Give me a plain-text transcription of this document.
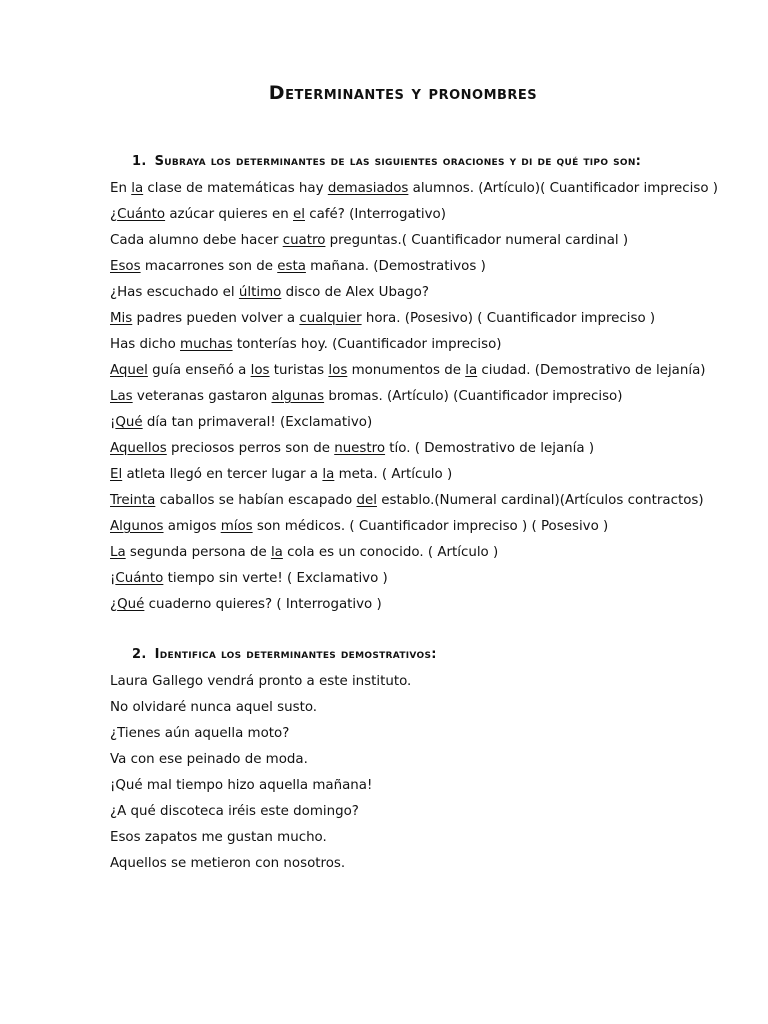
Determinantes y pronombres
1. Subraya los determinantes de las siguientes oraciones y di de qué tipo son:
En la clase de matemáticas hay demasiados alumnos. (Artículo)( Cuantificador impreciso )
¿Cuánto azúcar quieres en el café? (Interrogativo)
Cada alumno debe hacer cuatro preguntas.( Cuantificador numeral cardinal )
Esos macarrones son de esta mañana. (Demostrativos )
¿Has escuchado el último disco de Alex Ubago?
Mis padres pueden volver a cualquier hora. (Posesivo) ( Cuantificador impreciso )
Has dicho muchas tonterías hoy. (Cuantificador impreciso)
Aquel guía enseñó a los turistas los monumentos de la ciudad. (Demostrativo de lejanía)
Las veteranas gastaron algunas bromas. (Artículo) (Cuantificador impreciso)
¡Qué día tan primaveral! (Exclamativo)
Aquellos preciosos perros son de nuestro tío. ( Demostrativo de lejanía )
El atleta llegó en tercer lugar a la meta. ( Artículo )
Treinta caballos se habían escapado del establo.(Numeral cardinal)(Artículos contractos)
Algunos amigos míos son médicos. ( Cuantificador impreciso ) ( Posesivo )
La segunda persona de la cola es un conocido. ( Artículo )
¡Cuánto tiempo sin verte! ( Exclamativo )
¿Qué cuaderno quieres? ( Interrogativo )
2. Identifica los determinantes demostrativos:
Laura Gallego vendrá pronto a este instituto.
No olvidaré nunca aquel susto.
¿Tienes aún aquella moto?
Va con ese peinado de moda.
¡Qué mal tiempo hizo aquella mañana!
¿A qué discoteca iréis este domingo?
Esos zapatos me gustan mucho.
Aquellos se metieron con nosotros.
